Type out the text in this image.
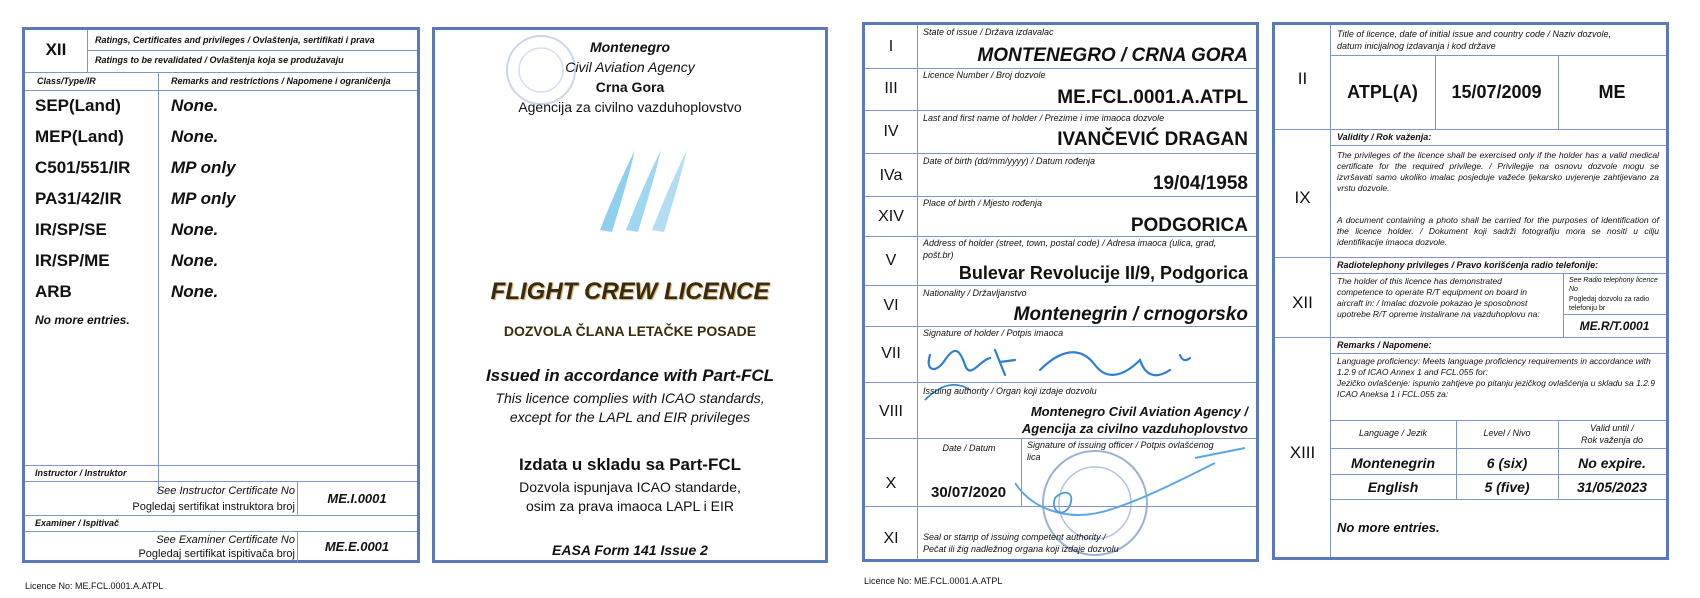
XII	Ratings, Certificates and privileges / Ovlaštenja, sertifikati i prava
Ratings to be revalidated / Ovlaštenja koja se produžavaju
Class/Type/IR	Remarks and restrictions / Napomene i ograničenja
SEP(Land)	None.
MEP(Land)	None.
C501/551/IR MP only
PA31/42/IR	MP only
IR/SP/SE	None.
IR/SP/ME	None.
ARB	None.
No more entries.
Instructor / Instruktor
See Instructor Certificate No
Pogledaj sertifikat instruktora broj
ME.I.0001
Examiner / Ispitivač
See Examiner Certificate No
Pogledaj sertifikat ispitivača broj	ME.E.0001
Licence No: ME.FCL.0001.A.ATPL
Montenegro
Civil Aviation Agency
Crna Gora
Agencija za civilno vazduhoplovstvo
FLIGHT CREW LICENCE
DOZVOLA ČLANA LETAČKE POSADE
Issued in accordance with Part-FCL
This licence complies with ICAO standards,
except for the LAPL and EIR privileges
Izdata u skladu sa Part-FCL
Dozvola ispunjava ICAO standarde,
osim za prava imaoca LAPL i EIR
EASA Form 141 Issue 2
I
State of issue / Država izdavalac
MONTENEGRO / CRNA GORA
III
Licence Number / Broj dozvole
ME.FCL.0001.A.ATPL
IV
Last and first name of holder / Prezime i ime imaoca dozvole
IVANČEVIĆ DRAGAN
IVa
Date of birth (dd/mm/yyyy) / Datum rođenja
19/04/1958
XIV
Place of birth / Mjesto rođenja
PODGORICA
V
Address of holder (street, town, postal code) / Adresa imaoca (ulica, grad,
pošt.br)
Bulevar Revolucije II/9, Podgorica
VI
Nationality / Državljanstvo
Montenegrin / crnogorsko
VII
Signature of holder / Potpis imaoca
VIII
Issuing authority / Organ koji izdaje dozvolu
Montenegro Civil Aviation Agency /
Agencija za civilno vazduhoplovstvo
X
Date / Datum	Signature of issuing officer / Potpis ovlašćenog
lica
30/07/2020
XI	Seal or stamp of issuing competent authority /
Pečat ili žig nadležnog organa koji izdaje dozvolu
Licence No: ME.FCL.0001.A.ATPL
II
Title of licence, date of initial issue and country code / Naziv dozvole,
datum inicijalnog izdavanja i kod države
ATPL(A)	15/07/2009	ME
IX
Validity / Rok važenja:
The privileges of the licence shall be exercised only if the holder has a valid medical certificate for the required privilege. / Privilegije na osnovu dozvole mogu se izvršavati samo ukoliko imalac posjeduje važeće ljekarsko uvjerenje zahtijevano za vrstu dozvole.
A document containing a photo shall be carried for the purposes of identification of the licence holder. / Dokument koji sadrži fotografiju mora se nositi u cilju identifikacije imaoca dozvole.
XII
Radiotelephony privileges / Pravo korišćenja radio telefonije:
The holder of this licence has demonstrated competence to operate R/T equipment on board in aircraft in: / Imalac dozvole pokazao je sposobnost upotrebe R/T opreme instalirane na vazduhoplovu na:
See Radio telephony licence No
Pogledaj dozvolu za radio telefoniju br
ME.R/T.0001
XIII
Remarks / Napomene:
Language proficiency: Meets language proficiency requirements in accordance with 1.2.9 of ICAO Annex 1 and FCL.055 for:
Jezičko ovlašćenje: ispunio zahtjeve po pitanju jezičkog ovlašćenja u skladu sa 1.2.9 ICAO Aneksa 1 i FCL.055 za:
Language / Jezik	Level / Nivo	Valid until /
Rok važenja do
Montenegrin	6 (six)	No expire.
English	5 (five)	31/05/2023
No more entries.
